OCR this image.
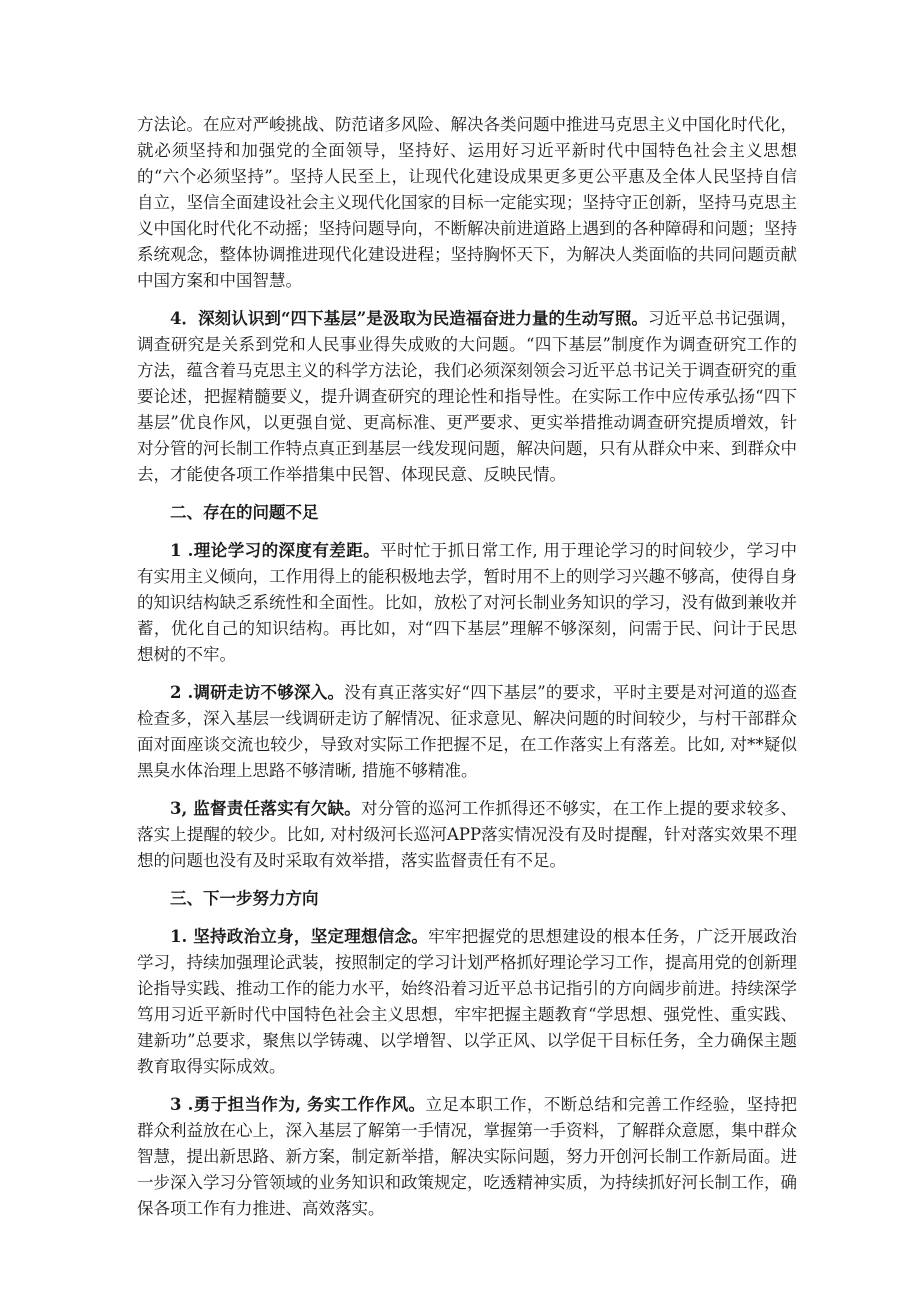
方法论。在应对严峻挑战、防范诸多风险、解决各类问题中推进马克思主义中国化时代化，就必须坚持和加强党的全面领导，坚持好、运用好习近平新时代中国特色社会主义思想的“六个必须坚持”。坚持人民至上，让现代化建设成果更多更公平惠及全体人民坚持自信自立，坚信全面建设社会主义现代化国家的目标一定能实现；坚持守正创新，坚持马克思主义中国化时代化不动摇；坚持问题导向，不断解决前进道路上遇到的各种障碍和问题；坚持系统观念，整体协调推进现代化建设进程；坚持胸怀天下，为解决人类面临的共同问题贡献中国方案和中国智慧。

4．深刻认识到“四下基层”是汲取为民造福奋进力量的生动写照。习近平总书记强调，调查研究是关系到党和人民事业得失成败的大问题。“四下基层”制度作为调查研究工作的方法，蕴含着马克思主义的科学方法论，我们必须深刻领会习近平总书记关于调查研究的重要论述，把握精髓要义，提升调查研究的理论性和指导性。在实际工作中应传承弘扬“四下基层”优良作风，以更强自觉、更高标准、更严要求、更实举措推动调查研究提质增效，针对分管的河长制工作特点真正到基层一线发现问题，解决问题，只有从群众中来、到群众中去，才能使各项工作举措集中民智、体现民意、反映民情。

二、存在的问题不足

1 .理论学习的深度有差距。平时忙于抓日常工作, 用于理论学习的时间较少，学习中有实用主义倾向，工作用得上的能积极地去学，暂时用不上的则学习兴趣不够高，使得自身的知识结构缺乏系统性和全面性。比如，放松了对河长制业务知识的学习，没有做到兼收并蓄，优化自己的知识结构。再比如，对“四下基层”理解不够深刻，问需于民、问计于民思想树的不牢。

2 .调研走访不够深入。没有真正落实好“四下基层”的要求，平时主要是对河道的巡查检查多，深入基层一线调研走访了解情况、征求意见、解决问题的时间较少，与村干部群众面对面座谈交流也较少，导致对实际工作把握不足，在工作落实上有落差。比如, 对**疑似黑臭水体治理上思路不够清晰, 措施不够精准。

3, 监督责任落实有欠缺。对分管的巡河工作抓得还不够实，在工作上提的要求较多、落实上提醒的较少。比如, 对村级河长巡河APP落实情况没有及时提醒，针对落实效果不理想的问题也没有及时采取有效举措，落实监督责任有不足。

三、下一步努力方向

1. 坚持政治立身，坚定理想信念。牢牢把握党的思想建设的根本任务，广泛开展政治学习，持续加强理论武装，按照制定的学习计划严格抓好理论学习工作，提高用党的创新理论指导实践、推动工作的能力水平，始终沿着习近平总书记指引的方向阔步前进。持续深学笃用习近平新时代中国特色社会主义思想，牢牢把握主题教育“学思想、强党性、重实践、建新功”总要求，聚焦以学铸魂、以学增智、以学正风、以学促干目标任务，全力确保主题教育取得实际成效。

3 .勇于担当作为, 务实工作作风。立足本职工作，不断总结和完善工作经验，坚持把群众利益放在心上，深入基层了解第一手情况，掌握第一手资料，了解群众意愿，集中群众智慧，提出新思路、新方案，制定新举措，解决实际问题，努力开创河长制工作新局面。进一步深入学习分管领域的业务知识和政策规定，吃透精神实质，为持续抓好河长制工作，确保各项工作有力推进、高效落实。
